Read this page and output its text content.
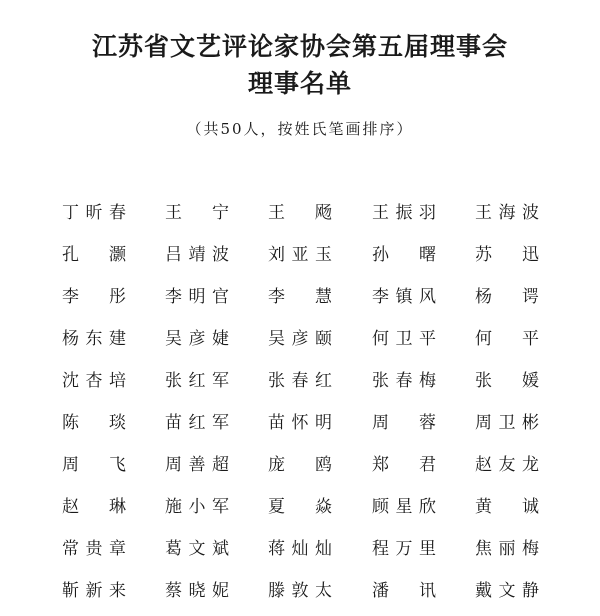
江苏省文艺评论家协会第五届理事会
理事名单
（共50人，按姓氏笔画排序）
丁昕春 王　宁 王　飏 王振羽 王海波
孔　灏 吕靖波 刘亚玉 孙　曙 苏　迅
李　彤 李明官 李　慧 李镇风 杨　谔
杨东建 吴彦婕 吴彦颐 何卫平 何　平
沈杏培 张红军 张春红 张春梅 张　媛
陈　琰 苗红军 苗怀明 周　蓉 周卫彬
周　飞 周善超 庞　鸥 郑　君 赵友龙
赵　琳 施小军 夏　焱 顾星欣 黄　诚
常贵章 葛文斌 蒋灿灿 程万里 焦丽梅
靳新来 蔡晓妮 滕敦太 潘　讯 戴文静
